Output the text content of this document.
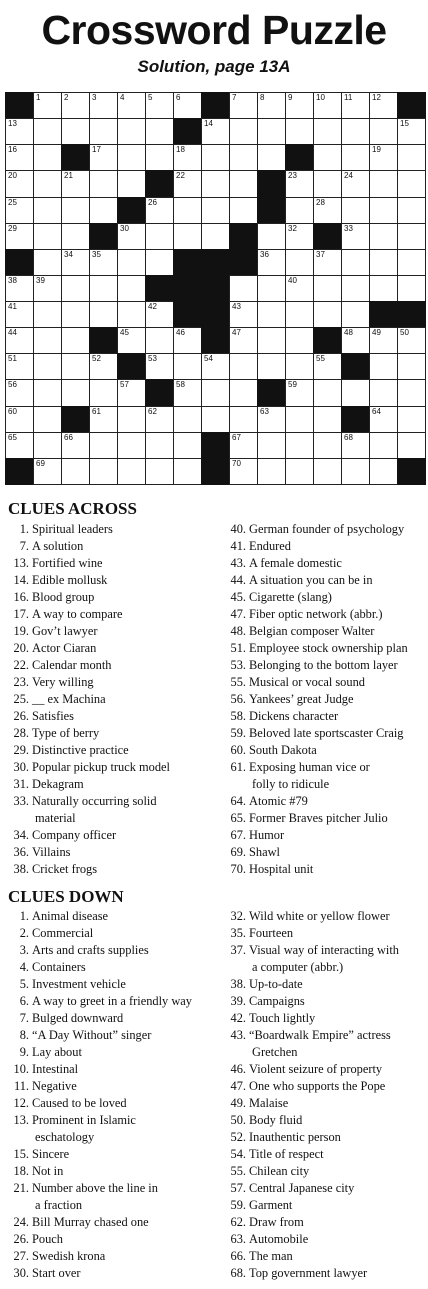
Crossword Puzzle
Solution, page 13A
1	2	3	4	5	6	7	8	9	10 11 12
13	14	15
16	17	18	19
20	21	22	23	24
25	26	28
29	30	32	33
34 35	36	37
38 39	40
41	42	43
44	45	46	47	48 49 50
51	52	53	54	55
56	57	58	59
60	61	62	63	64
65	66	67	68
69	70
CLUES ACROSS
1. Spiritual leaders
7. A solution
13. Fortified wine
14. Edible mollusk
16. Blood group
17. A way to compare
19. Gov’t lawyer
20. Actor Ciaran
22. Calendar month
23. Very willing
25. __ ex Machina
26. Satisfies
28. Type of berry
29. Distinctive practice
30. Popular pickup truck model
31. Dekagram
33. Naturally occurring solid
material
34. Company officer
36. Villains
38. Cricket frogs
40. German founder of psychology
41. Endured
43. A female domestic
44. A situation you can be in
45. Cigarette (slang)
47. Fiber optic network (abbr.)
48. Belgian composer Walter
51. Employee stock ownership plan
53. Belonging to the bottom layer
55. Musical or vocal sound
56. Yankees’ great Judge
58. Dickens character
59. Beloved late sportscaster Craig
60. South Dakota
61. Exposing human vice or
folly to ridicule
64. Atomic #79
65. Former Braves pitcher Julio
67. Humor
69. Shawl
70. Hospital unit
CLUES DOWN
1. Animal disease
2. Commercial
3. Arts and crafts supplies
4. Containers
5. Investment vehicle
6. A way to greet in a friendly way
7. Bulged downward
8. “A Day Without” singer
9. Lay about
10. Intestinal
11. Negative
12. Caused to be loved
13. Prominent in Islamic
eschatology
15. Sincere
18. Not in
21. Number above the line in
a fraction
24. Bill Murray chased one
26. Pouch
27. Swedish krona
30. Start over
32. Wild white or yellow flower
35. Fourteen
37. Visual way of interacting with
a computer (abbr.)
38. Up-to-date
39. Campaigns
42. Touch lightly
43. “Boardwalk Empire” actress
Gretchen
46. Violent seizure of property
47. One who supports the Pope
49. Malaise
50. Body fluid
52. Inauthentic person
54. Title of respect
55. Chilean city
57. Central Japanese city
59. Garment
62. Draw from
63. Automobile
66. The man
68. Top government lawyer
